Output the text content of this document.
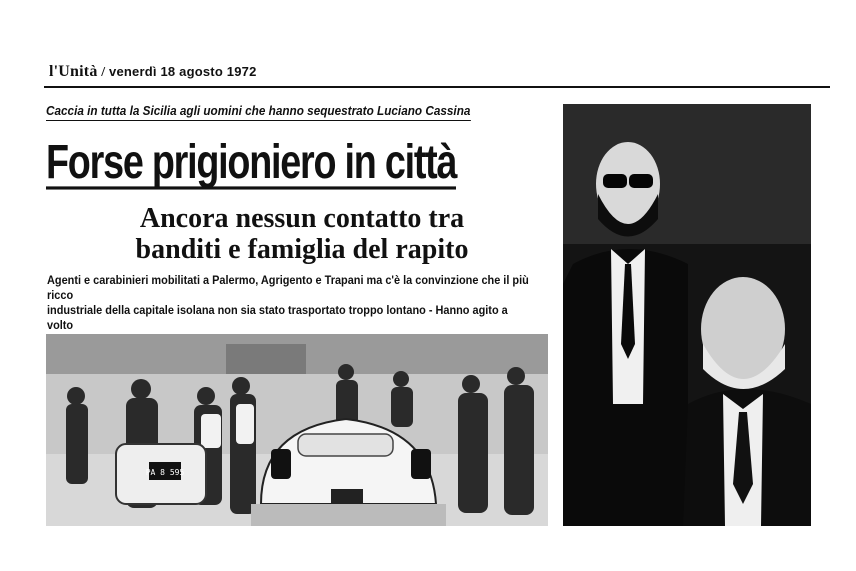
l'Unità / venerdì 18 agosto 1972
Caccia in tutta la Sicilia agli uomini che hanno sequestrato Luciano Cassina
Forse prigioniero in città
Ancora nessun contatto tra
banditi e famiglia del rapito
Agenti e carabinieri mobilitati a Palermo, Agrigento e Trapani ma c'è la convinzione che il più ricco
industriale della capitale isolana non sia stato trasportato troppo lontano - Hanno agito a volto
PA 8 595
